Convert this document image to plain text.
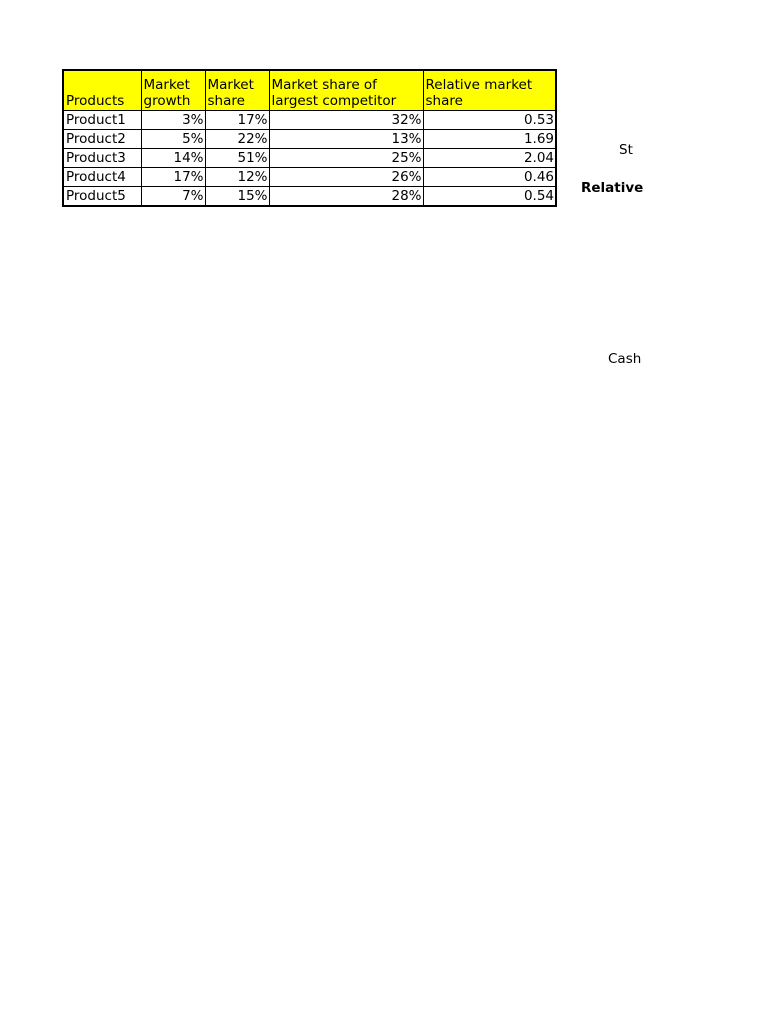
Products	Market growth	Market share	Market share of largest competitor	Relative market share
Product1	3%	17%	32%	0.53
Product2	5%	22%	13%	1.69
Product3	14%	51%	25%	2.04
Product4	17%	12%	26%	0.46
Product5	7%	15%	28%	0.54
St
Relative
Cash
